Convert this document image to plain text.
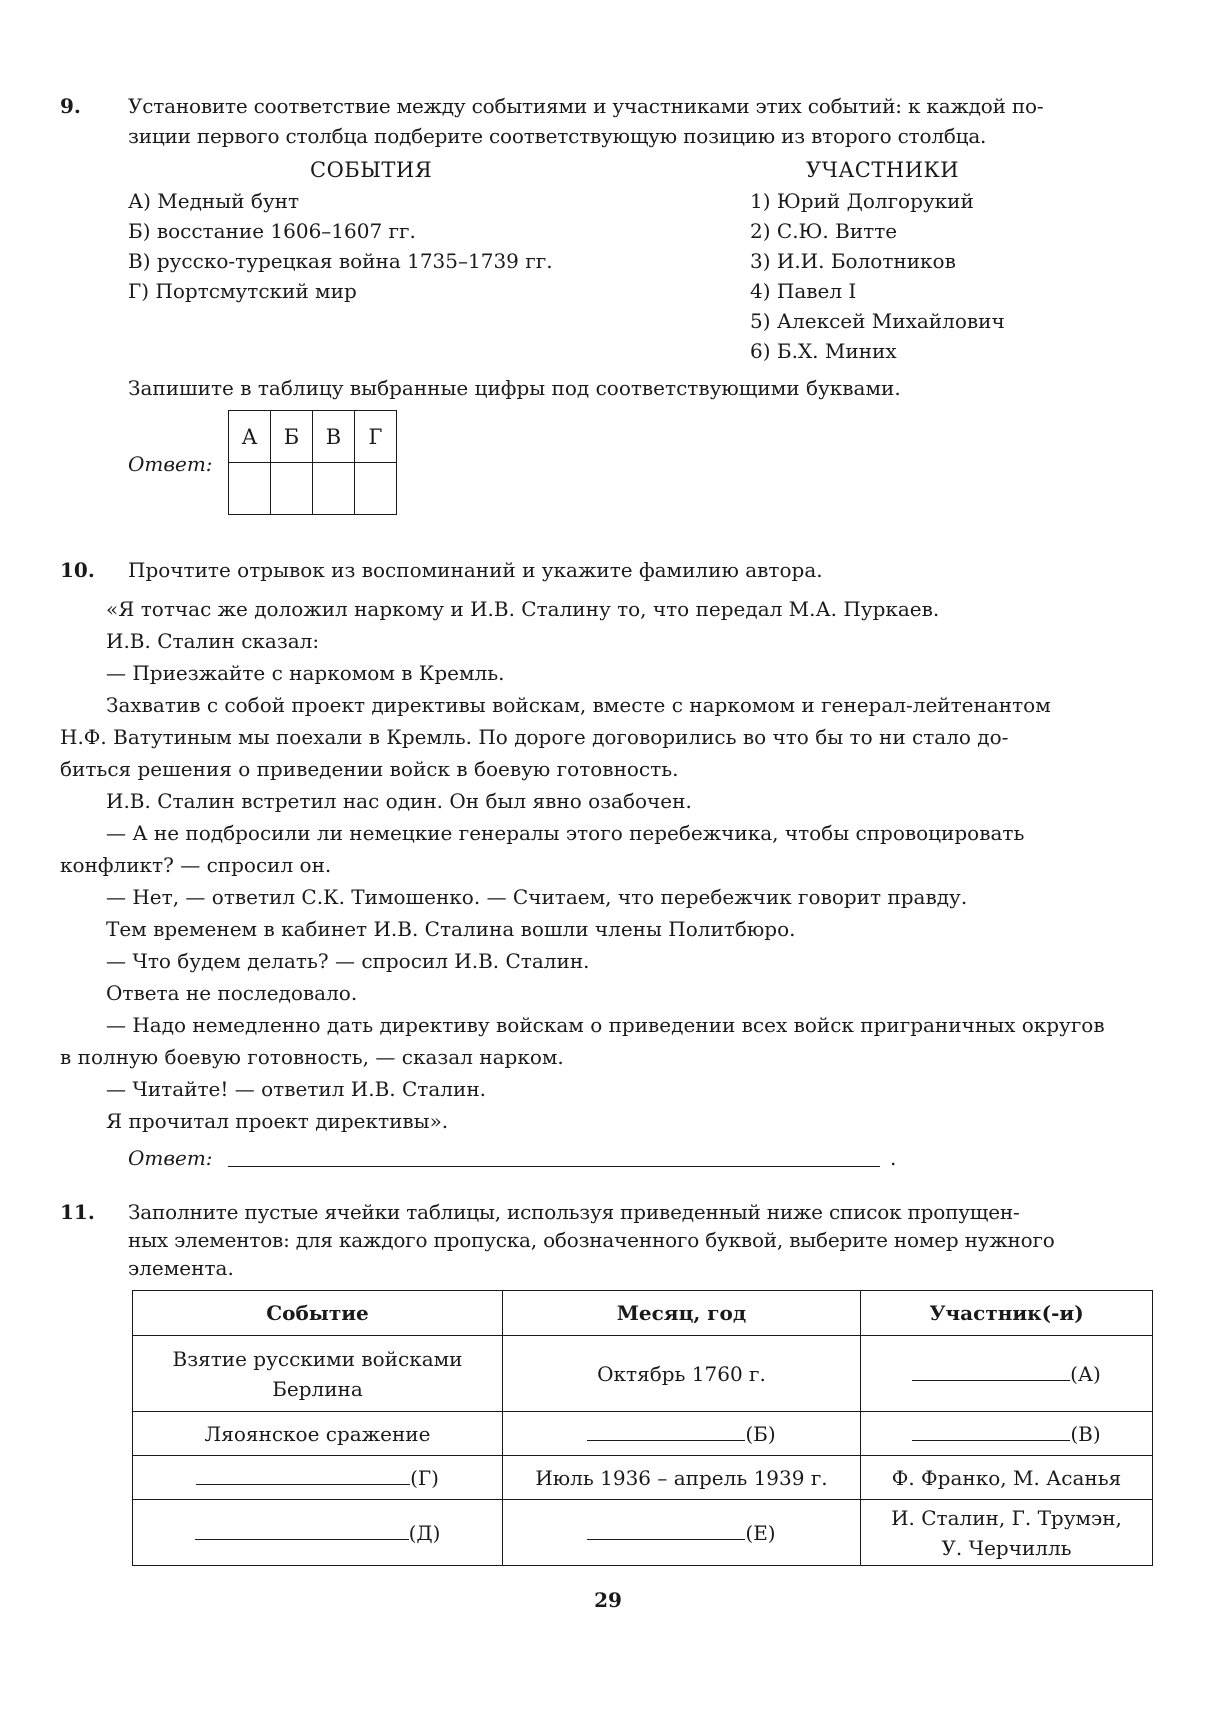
9. Установите соответствие между событиями и участниками этих событий: к каждой по-
зиции первого столбца подберите соответствующую позицию из второго столбца.
СОБЫТИЯ	УЧАСТНИКИ
А) Медный бунт
Б) восстание 1606–1607 гг.
В) русско-турецкая война 1735–1739 гг.
Г) Портсмутский мир
1) Юрий Долгорукий
2) С.Ю. Витте
3) И.И. Болотников
4) Павел I
5) Алексей Михайлович
6) Б.Х. Миних
Запишите в таблицу выбранные цифры под соответствующими буквами.
Ответ:
А	Б	В	Г

10. Прочтите отрывок из воспоминаний и укажите фамилию автора.
«Я тотчас же доложил наркому и И.В. Сталину то, что передал М.А. Пуркаев.
И.В. Сталин сказал:
— Приезжайте с наркомом в Кремль.
Захватив с собой проект директивы войскам, вместе с наркомом и генерал-лейтенантом
Н.Ф. Ватутиным мы поехали в Кремль. По дороге договорились во что бы то ни стало до-
биться решения о приведении войск в боевую готовность.
И.В. Сталин встретил нас один. Он был явно озабочен.
— А не подбросили ли немецкие генералы этого перебежчика, чтобы спровоцировать
конфликт? — спросил он.
— Нет, — ответил С.К. Тимошенко. — Считаем, что перебежчик говорит правду.
Тем временем в кабинет И.В. Сталина вошли члены Политбюро.
— Что будем делать? — спросил И.В. Сталин.
Ответа не последовало.
— Надо немедленно дать директиву войскам о приведении всех войск приграничных округов
в полную боевую готовность, — сказал нарком.
— Читайте! — ответил И.В. Сталин.
Я прочитал проект директивы».
Ответ:	.
11. Заполните пустые ячейки таблицы, используя приведенный ниже список пропущен-
ных элементов: для каждого пропуска, обозначенного буквой, выберите номер нужного
элемента.
Событие	Месяц, год	Участник(-и)
Взятие русскими войсками Берлина	Октябрь 1760 г.	(А)
Ляоянское сражение	(Б)	(В)
(Г)	Июль 1936 – апрель 1939 г.	Ф. Франко, М. Асанья
(Д)	(Е)	И. Сталин, Г. Трумэн, У. Черчилль
29
